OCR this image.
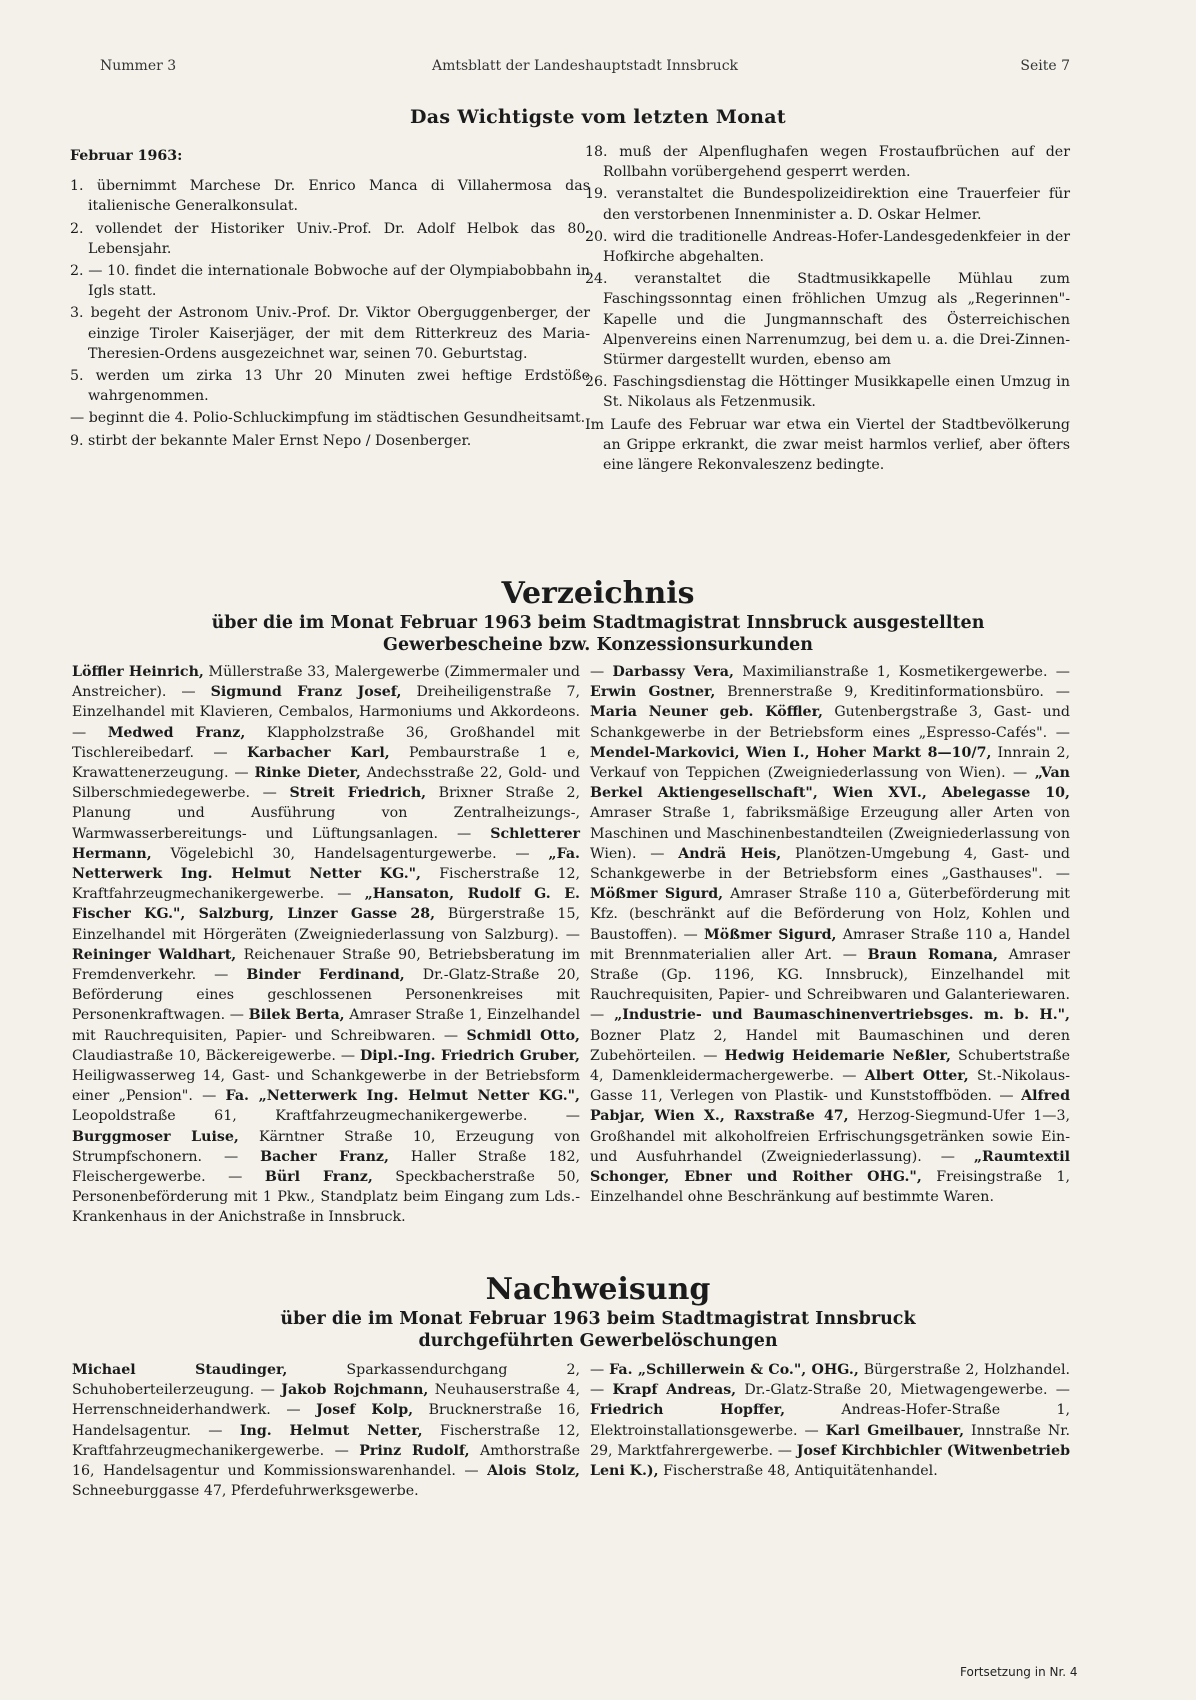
Nummer 3	Amtsblatt der Landeshauptstadt Innsbruck	Seite 7
Das Wichtigste vom letzten Monat

Februar 1963:

1. übernimmt Marchese Dr. Enrico Manca di Villahermosa das italienische Generalkonsulat.

2. vollendet der Historiker Univ.-Prof. Dr. Adolf Helbok das 80. Lebensjahr.

2. — 10. findet die internationale Bobwoche auf der Olympiabobbahn in Igls statt.

3. begeht der Astronom Univ.-Prof. Dr. Viktor Oberguggenberger, der einzige Tiroler Kaiserjäger, der mit dem Ritterkreuz des Maria-Theresien-Ordens ausgezeichnet war, seinen 70. Geburtstag.

5. werden um zirka 13 Uhr 20 Minuten zwei heftige Erdstöße wahrgenommen.

— beginnt die 4. Polio-Schluckimpfung im städtischen Gesundheitsamt.

9. stirbt der bekannte Maler Ernst Nepo / Dosenberger.

18. muß der Alpenflughafen wegen Frostaufbrüchen auf der Rollbahn vorübergehend gesperrt werden.

19. veranstaltet die Bundespolizeidirektion eine Trauerfeier für den verstorbenen Innenminister a. D. Oskar Helmer.

20. wird die traditionelle Andreas-Hofer-Landesgedenkfeier in der Hofkirche abgehalten.

24. veranstaltet die Stadtmusikkapelle Mühlau zum Faschingssonntag einen fröhlichen Umzug als „Regerinnen"-Kapelle und die Jungmannschaft des Österreichischen Alpenvereins einen Narrenumzug, bei dem u. a. die Drei-Zinnen-Stürmer dargestellt wurden, ebenso am

26. Faschingsdienstag die Höttinger Musikkapelle einen Umzug in St. Nikolaus als Fetzenmusik.

Im Laufe des Februar war etwa ein Viertel der Stadtbevölkerung an Grippe erkrankt, die zwar meist harmlos verlief, aber öfters eine längere Rekonvaleszenz bedingte.

Verzeichnis
über die im Monat Februar 1963 beim Stadtmagistrat Innsbruck ausgestellten
Gewerbescheine bzw. Konzessionsurkunden

Löffler Heinrich, Müllerstraße 33, Malergewerbe (Zimmermaler und Anstreicher). — Sigmund Franz Josef, Dreiheiligenstraße 7, Einzelhandel mit Klavieren, Cembalos, Harmoniums und Akkordeons. — Medwed Franz, Klappholzstraße 36, Großhandel mit Tischlereibedarf. — Karbacher Karl, Pembaurstraße 1 e, Krawattenerzeugung. — Rinke Dieter, Andechsstraße 22, Gold- und Silberschmiedegewerbe. — Streit Friedrich, Brixner Straße 2, Planung und Ausführung von Zentralheizungs-, Warmwasserbereitungs- und Lüftungsanlagen. — Schletterer Hermann, Vögelebichl 30, Handelsagenturgewerbe. — „Fa. Netterwerk Ing. Helmut Netter KG.", Fischerstraße 12, Kraftfahrzeugmechanikergewerbe. — „Hansaton, Rudolf G. E. Fischer KG.", Salzburg, Linzer Gasse 28, Bürgerstraße 15, Einzelhandel mit Hörgeräten (Zweigniederlassung von Salzburg). — Reininger Waldhart, Reichenauer Straße 90, Betriebsberatung im Fremdenverkehr. — Binder Ferdinand, Dr.-Glatz-Straße 20, Beförderung eines geschlossenen Personenkreises mit Personenkraftwagen. — Bilek Berta, Amraser Straße 1, Einzelhandel mit Rauchrequisiten, Papier- und Schreibwaren. — Schmidl Otto, Claudiastraße 10, Bäckereigewerbe. — Dipl.-Ing. Friedrich Gruber, Heiligwasserweg 14, Gast- und Schankgewerbe in der Betriebsform einer „Pension". — Fa. „Netterwerk Ing. Helmut Netter KG.", Leopoldstraße 61, Kraftfahrzeugmechanikergewerbe. — Burggmoser Luise, Kärntner Straße 10, Erzeugung von Strumpfschonern. — Bacher Franz, Haller Straße 182, Fleischergewerbe. — Bürl Franz, Speckbacherstraße 50, Personenbeförderung mit 1 Pkw., Standplatz beim Eingang zum Lds.-Krankenhaus in der Anichstraße in Innsbruck.

— Darbassy Vera, Maximilianstraße 1, Kosmetikergewerbe. — Erwin Gostner, Brennerstraße 9, Kreditinformationsbüro. — Maria Neuner geb. Köffler, Gutenbergstraße 3, Gast- und Schankgewerbe in der Betriebsform eines „Espresso-Cafés". — Mendel-Markovici, Wien I., Hoher Markt 8—10/7, Innrain 2, Verkauf von Teppichen (Zweigniederlassung von Wien). — „Van Berkel Aktiengesellschaft", Wien XVI., Abelegasse 10, Amraser Straße 1, fabriksmäßige Erzeugung aller Arten von Maschinen und Maschinenbestandteilen (Zweigniederlassung von Wien). — Andrä Heis, Planötzen-Umgebung 4, Gast- und Schankgewerbe in der Betriebsform eines „Gasthauses". — Mößmer Sigurd, Amraser Straße 110 a, Güterbeförderung mit Kfz. (beschränkt auf die Beförderung von Holz, Kohlen und Baustoffen). — Mößmer Sigurd, Amraser Straße 110 a, Handel mit Brennmaterialien aller Art. — Braun Romana, Amraser Straße (Gp. 1196, KG. Innsbruck), Einzelhandel mit Rauchrequisiten, Papier- und Schreibwaren und Galanteriewaren. — „Industrie- und Baumaschinenvertriebsges. m. b. H.", Bozner Platz 2, Handel mit Baumaschinen und deren Zubehörteilen. — Hedwig Heidemarie Neßler, Schubertstraße 4, Damenkleidermachergewerbe. — Albert Otter, St.-Nikolaus-Gasse 11, Verlegen von Plastik- und Kunststoffböden. — Alfred Pabjar, Wien X., Raxstraße 47, Herzog-Siegmund-Ufer 1—3, Großhandel mit alkoholfreien Erfrischungsgetränken sowie Ein- und Ausfuhrhandel (Zweigniederlassung). — „Raumtextil Schonger, Ebner und Roither OHG.", Freisingstraße 1, Einzelhandel ohne Beschränkung auf bestimmte Waren.

Nachweisung
über die im Monat Februar 1963 beim Stadtmagistrat Innsbruck
durchgeführten Gewerbelöschungen

Michael Staudinger, Sparkassendurchgang 2, Schuhoberteilerzeugung. — Jakob Rojchmann, Neuhauserstraße 4, Herrenschneiderhandwerk. — Josef Kolp, Brucknerstraße 16, Handelsagentur. — Ing. Helmut Netter, Fischerstraße 12, Kraftfahrzeugmechanikergewerbe. — Prinz Rudolf, Amthorstraße 16, Handelsagentur und Kommissionswarenhandel. — Alois Stolz, Schneeburggasse 47, Pferdefuhrwerksgewerbe.

— Fa. „Schillerwein & Co.", OHG., Bürgerstraße 2, Holzhandel. — Krapf Andreas, Dr.-Glatz-Straße 20, Mietwagengewerbe. — Friedrich Hopffer, Andreas-Hofer-Straße 1, Elektroinstallationsgewerbe. — Karl Gmeilbauer, Innstraße Nr. 29, Marktfahrergewerbe. — Josef Kirchbichler (Witwenbetrieb Leni K.), Fischerstraße 48, Antiquitätenhandel.

Fortsetzung in Nr. 4
